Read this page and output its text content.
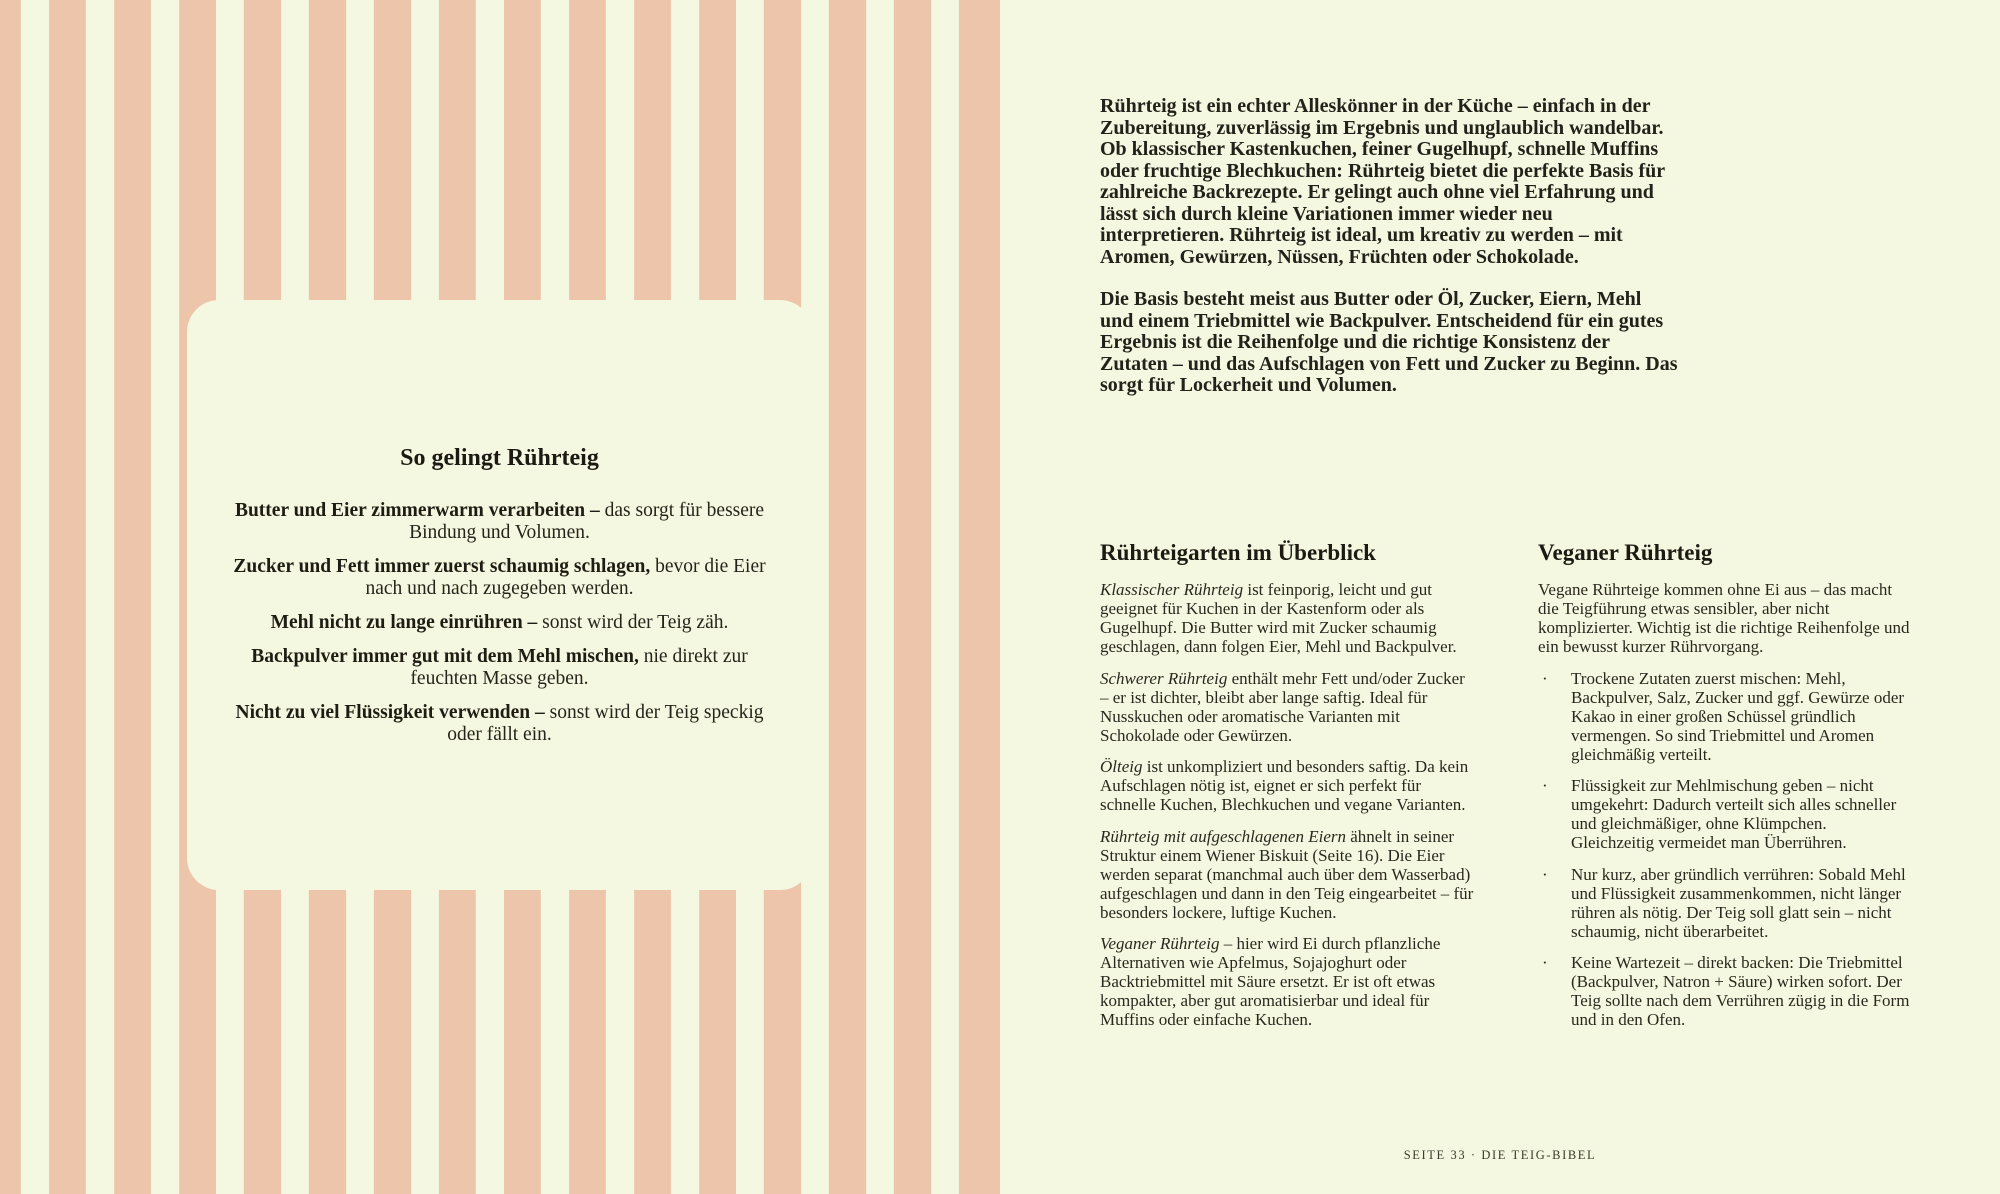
So gelingt Rührteig

Butter und Eier zimmerwarm verarbeiten – das sorgt für bessere Bindung und Volumen.

Zucker und Fett immer zuerst schaumig schlagen, bevor die Eier nach und nach zugegeben werden.

Mehl nicht zu lange einrühren – sonst wird der Teig zäh.

Backpulver immer gut mit dem Mehl mischen, nie direkt zur feuchten Masse geben.

Nicht zu viel Flüssigkeit verwenden – sonst wird der Teig speckig oder fällt ein.

Rührteig ist ein echter Alleskönner in der Küche – einfach in der Zubereitung, zuverlässig im Ergebnis und unglaublich wandelbar. Ob klassischer Kastenkuchen, feiner Gugelhupf, schnelle Muffins oder fruchtige Blechkuchen: Rührteig bietet die perfekte Basis für zahlreiche Backrezepte. Er gelingt auch ohne viel Erfahrung und lässt sich durch kleine Variationen immer wieder neu interpretieren. Rührteig ist ideal, um kreativ zu werden – mit Aromen, Gewürzen, Nüssen, Früchten oder Schokolade.

Die Basis besteht meist aus Butter oder Öl, Zucker, Eiern, Mehl und einem Triebmittel wie Backpulver. Entscheidend für ein gutes Ergebnis ist die Reihenfolge und die richtige Konsistenz der Zutaten – und das Aufschlagen von Fett und Zucker zu Beginn. Das sorgt für Lockerheit und Volumen.

Rührteigarten im Überblick

Klassischer Rührteig ist feinporig, leicht und gut geeignet für Kuchen in der Kastenform oder als Gugelhupf. Die Butter wird mit Zucker schaumig geschlagen, dann folgen Eier, Mehl und Backpulver.

Schwerer Rührteig enthält mehr Fett und/oder Zucker – er ist dichter, bleibt aber lange saftig. Ideal für Nusskuchen oder aromatische Varianten mit Schokolade oder Gewürzen.

Ölteig ist unkompliziert und besonders saftig. Da kein Aufschlagen nötig ist, eignet er sich perfekt für schnelle Kuchen, Blechkuchen und vegane Varianten.

Rührteig mit aufgeschlagenen Eiern ähnelt in seiner Struktur einem Wiener Biskuit (Seite 16). Die Eier werden separat (manchmal auch über dem Wasserbad) aufgeschlagen und dann in den Teig eingearbeitet – für besonders lockere, luftige Kuchen.

Veganer Rührteig – hier wird Ei durch pflanzliche Alternativen wie Apfelmus, Sojajoghurt oder Backtriebmittel mit Säure ersetzt. Er ist oft etwas kompakter, aber gut aromatisierbar und ideal für Muffins oder einfache Kuchen.

Veganer Rührteig

Vegane Rührteige kommen ohne Ei aus – das macht die Teigführung etwas sensibler, aber nicht komplizierter. Wichtig ist die richtige Reihenfolge und ein bewusst kurzer Rührvorgang.

·	Trockene Zutaten zuerst mischen: Mehl, Backpulver, Salz, Zucker und ggf. Gewürze oder Kakao in einer großen Schüssel gründlich vermengen. So sind Triebmittel und Aromen gleichmäßig verteilt.
·	Flüssigkeit zur Mehlmischung geben – nicht umgekehrt: Dadurch verteilt sich alles schneller und gleichmäßiger, ohne Klümpchen. Gleichzeitig vermeidet man Überrühren.
·	Nur kurz, aber gründlich verrühren: Sobald Mehl und Flüssigkeit zusammenkommen, nicht länger rühren als nötig. Der Teig soll glatt sein – nicht schaumig, nicht überarbeitet.
·	Keine Wartezeit – direkt backen: Die Triebmittel (Backpulver, Natron + Säure) wirken sofort. Der Teig sollte nach dem Verrühren zügig in die Form und in den Ofen.
SEITE 33 · DIE TEIG-BIBEL
